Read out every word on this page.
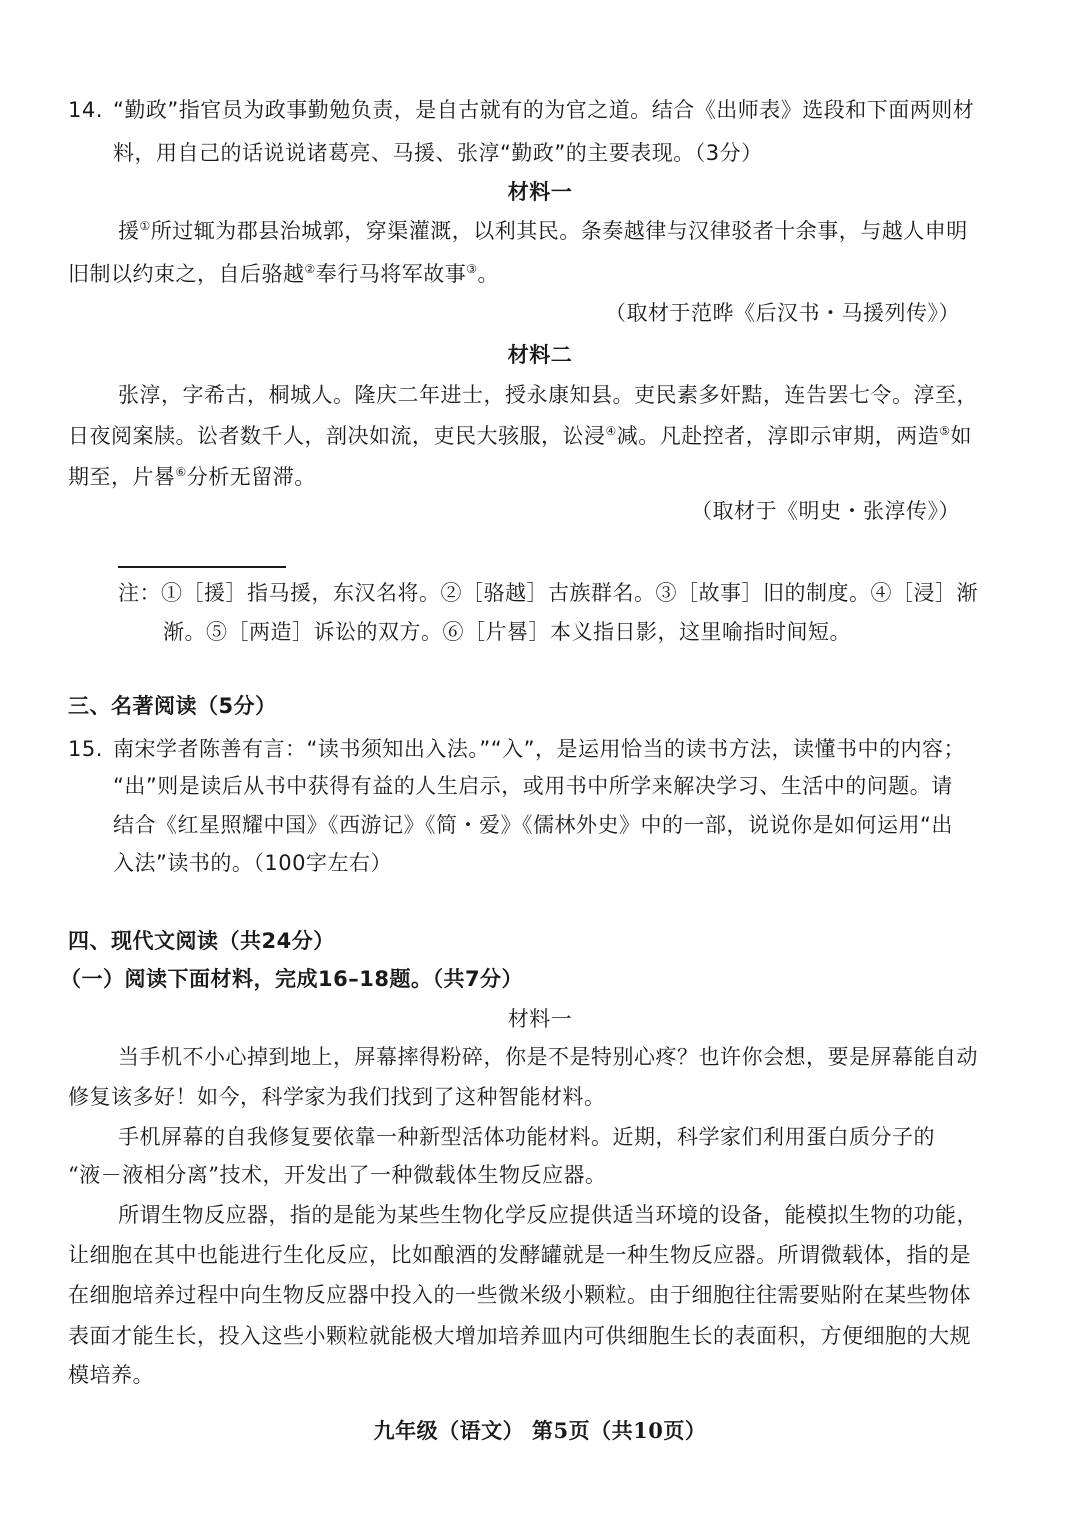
14. “勤政”指官员为政事勤勉负责，是自古就有的为官之道。结合《出师表》选段和下面两则材
料，用自己的话说说诸葛亮、马援、张淳“勤政”的主要表现。（3分）
材料一
援①所过辄为郡县治城郭，穿渠灌溉，以利其民。条奏越律与汉律驳者十余事，与越人申明
旧制以约束之，自后骆越②奉行马将军故事③。
（取材于范晔《后汉书・马援列传》）
材料二
张淳，字希古，桐城人。隆庆二年进士，授永康知县。吏民素多奸黠，连告罢七令。淳至，
日夜阅案牍。讼者数千人，剖决如流，吏民大骇服，讼浸④减。凡赴控者，淳即示审期，两造⑤如
期至，片晷⑥分析无留滞。
（取材于《明史・张淳传》）
注：①［援］指马援，东汉名将。②［骆越］古族群名。③［故事］旧的制度。④［浸］渐
渐。⑤［两造］诉讼的双方。⑥［片晷］本义指日影，这里喻指时间短。
三、名著阅读（5分）
15. 南宋学者陈善有言：“读书须知出入法。”“入”，是运用恰当的读书方法，读懂书中的内容；
“出”则是读后从书中获得有益的人生启示，或用书中所学来解决学习、生活中的问题。请
结合《红星照耀中国》《西游记》《简・爱》《儒林外史》中的一部，说说你是如何运用“出
入法”读书的。（100字左右）
四、现代文阅读（共24分）
（一）阅读下面材料，完成16–18题。（共7分）
材料一
当手机不小心掉到地上，屏幕摔得粉碎，你是不是特别心疼？也许你会想，要是屏幕能自动
修复该多好！如今，科学家为我们找到了这种智能材料。
手机屏幕的自我修复要依靠一种新型活体功能材料。近期，科学家们利用蛋白质分子的
“液－液相分离”技术，开发出了一种微载体生物反应器。
所谓生物反应器，指的是能为某些生物化学反应提供适当环境的设备，能模拟生物的功能，
让细胞在其中也能进行生化反应，比如酿酒的发酵罐就是一种生物反应器。所谓微载体，指的是
在细胞培养过程中向生物反应器中投入的一些微米级小颗粒。由于细胞往往需要贴附在某些物体
表面才能生长，投入这些小颗粒就能极大增加培养皿内可供细胞生长的表面积，方便细胞的大规
模培养。
九年级（语文） 第5页（共10页）
